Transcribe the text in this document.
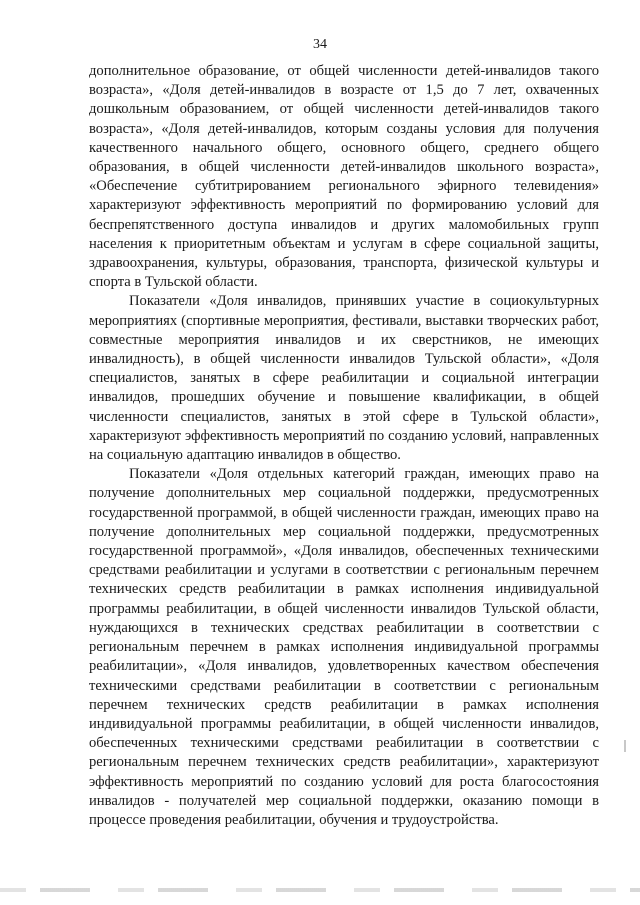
34

дополнительное образование, от общей численности детей-инвалидов такого возраста», «Доля детей-инвалидов в возрасте от 1,5 до 7 лет, охваченных дошкольным образованием, от общей численности детей-инвалидов такого возраста», «Доля детей-инвалидов, которым созданы условия для получения качественного начального общего, основного общего, среднего общего образования, в общей численности детей-инвалидов школьного возраста», «Обеспечение субтитрированием регионального эфирного телевидения» характеризуют эффективность мероприятий по формированию условий для беспрепятственного доступа инвалидов и других маломобильных групп населения к приоритетным объектам и услугам в сфере социальной защиты, здравоохранения, культуры, образования, транспорта, физической культуры и спорта в Тульской области.

Показатели «Доля инвалидов, принявших участие в социокультурных мероприятиях (спортивные мероприятия, фестивали, выставки творческих работ, совместные мероприятия инвалидов и их сверстников, не имеющих инвалидность), в общей численности инвалидов Тульской области», «Доля специалистов, занятых в сфере реабилитации и социальной интеграции инвалидов, прошедших обучение и повышение квалификации, в общей численности специалистов, занятых в этой сфере в Тульской области», характеризуют эффективность мероприятий по созданию условий, направленных на социальную адаптацию инвалидов в общество.

Показатели «Доля отдельных категорий граждан, имеющих право на получение дополнительных мер социальной поддержки, предусмотренных государственной программой, в общей численности граждан, имеющих право на получение дополнительных мер социальной поддержки, предусмотренных государственной программой», «Доля инвалидов, обеспеченных техническими средствами реабилитации и услугами в соответствии с региональным перечнем технических средств реабилитации в рамках исполнения индивидуальной программы реабилитации, в общей численности инвалидов Тульской области, нуждающихся в технических средствах реабилитации в соответствии с региональным перечнем в рамках исполнения индивидуальной программы реабилитации», «Доля инвалидов, удовлетворенных качеством обеспечения техническими средствами реабилитации в соответствии с региональным перечнем технических средств реабилитации в рамках исполнения индивидуальной программы реабилитации, в общей численности инвалидов, обеспеченных техническими средствами реабилитации в соответствии с региональным перечнем технических средств реабилитации», характеризуют эффективность мероприятий по созданию условий для роста благосостояния инвалидов - получателей мер социальной поддержки, оказанию помощи в процессе проведения реабилитации, обучения и трудоустройства.
